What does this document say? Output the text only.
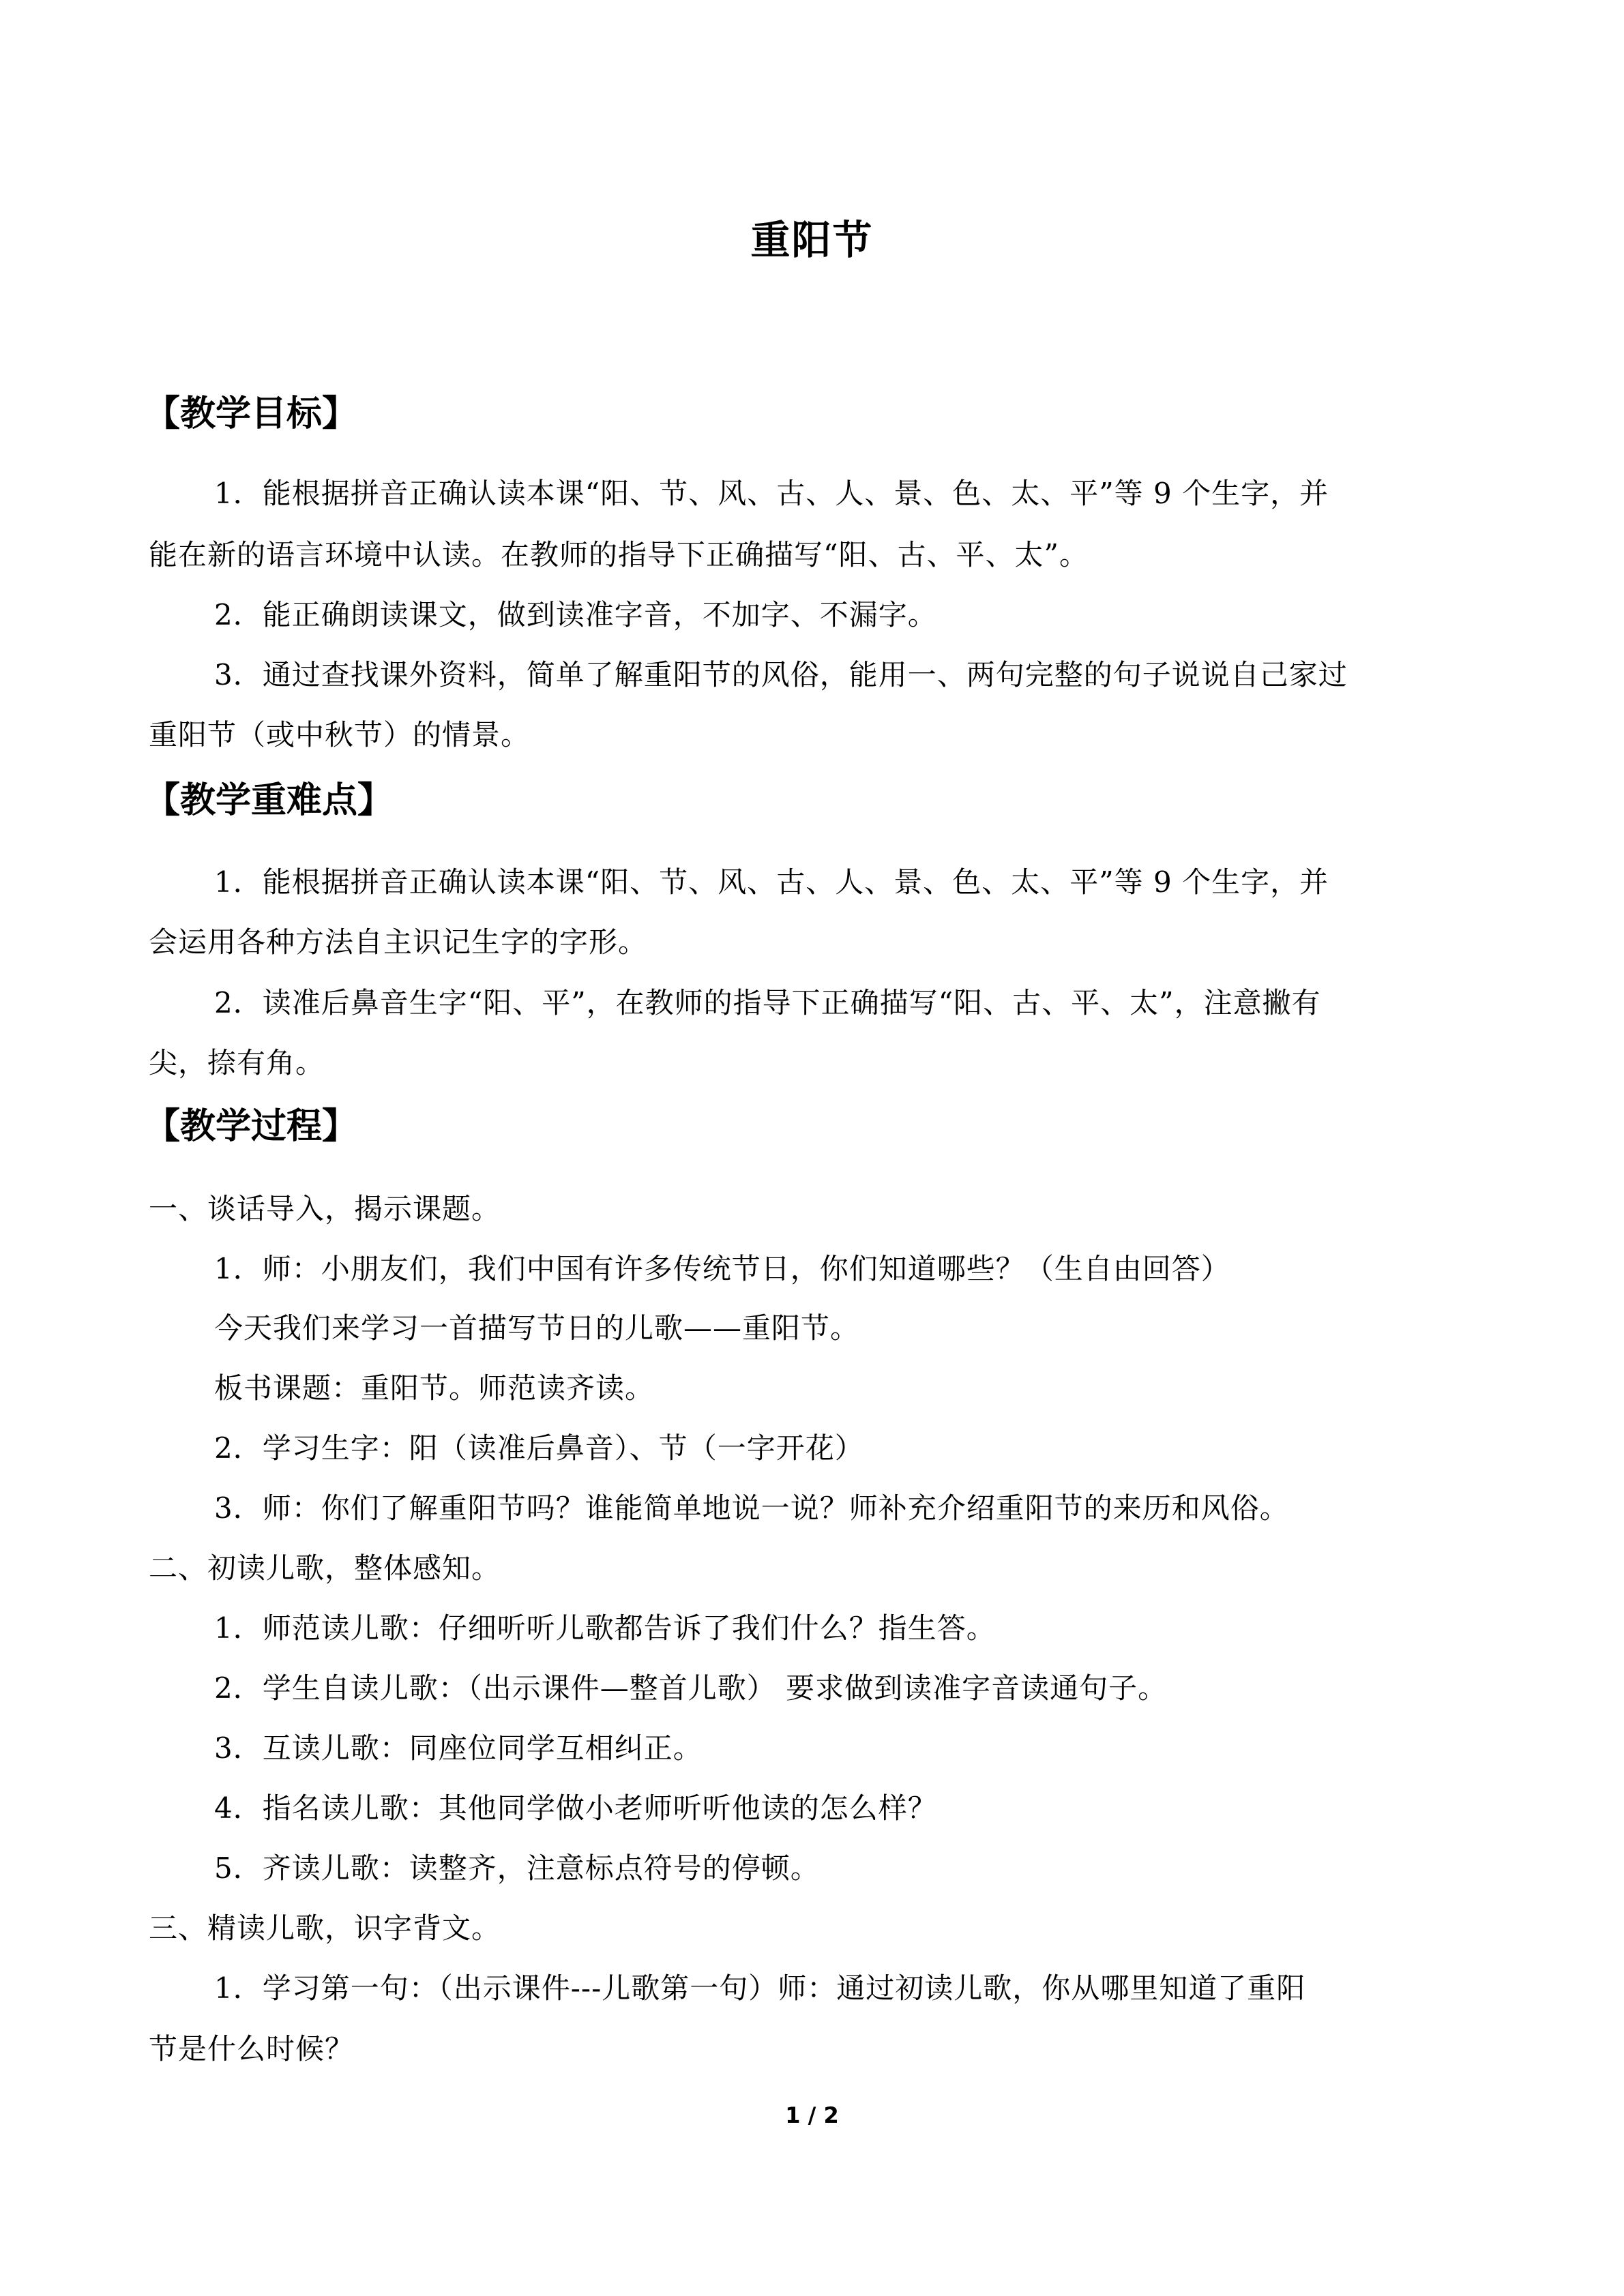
重阳节
【教学目标】
1．能根据拼音正确认读本课“阳、节、风、古、人、景、色、太、平”等 9 个生字，并
能在新的语言环境中认读。在教师的指导下正确描写“阳、古、平、太”。
2．能正确朗读课文，做到读准字音，不加字、不漏字。
3．通过查找课外资料，简单了解重阳节的风俗，能用一、两句完整的句子说说自己家过
重阳节（或中秋节）的情景。
【教学重难点】
1．能根据拼音正确认读本课“阳、节、风、古、人、景、色、太、平”等 9 个生字，并
会运用各种方法自主识记生字的字形。
2．读准后鼻音生字“阳、平”，在教师的指导下正确描写“阳、古、平、太”，注意撇有
尖，捺有角。
【教学过程】
一、谈话导入，揭示课题。
1．师：小朋友们，我们中国有许多传统节日，你们知道哪些？（生自由回答）
今天我们来学习一首描写节日的儿歌——重阳节。
板书课题：重阳节。师范读齐读。
2．学习生字：阳（读准后鼻音）、节（一字开花）
3．师：你们了解重阳节吗？谁能简单地说一说？师补充介绍重阳节的来历和风俗。
二、初读儿歌，整体感知。
1．师范读儿歌：仔细听听儿歌都告诉了我们什么？指生答。
2．学生自读儿歌：（出示课件—整首儿歌） 要求做到读准字音读通句子。
3．互读儿歌：同座位同学互相纠正。
4．指名读儿歌：其他同学做小老师听听他读的怎么样？
5．齐读儿歌：读整齐，注意标点符号的停顿。
三、精读儿歌，识字背文。
1．学习第一句：（出示课件---儿歌第一句）师：通过初读儿歌，你从哪里知道了重阳
节是什么时候？
1 / 2
